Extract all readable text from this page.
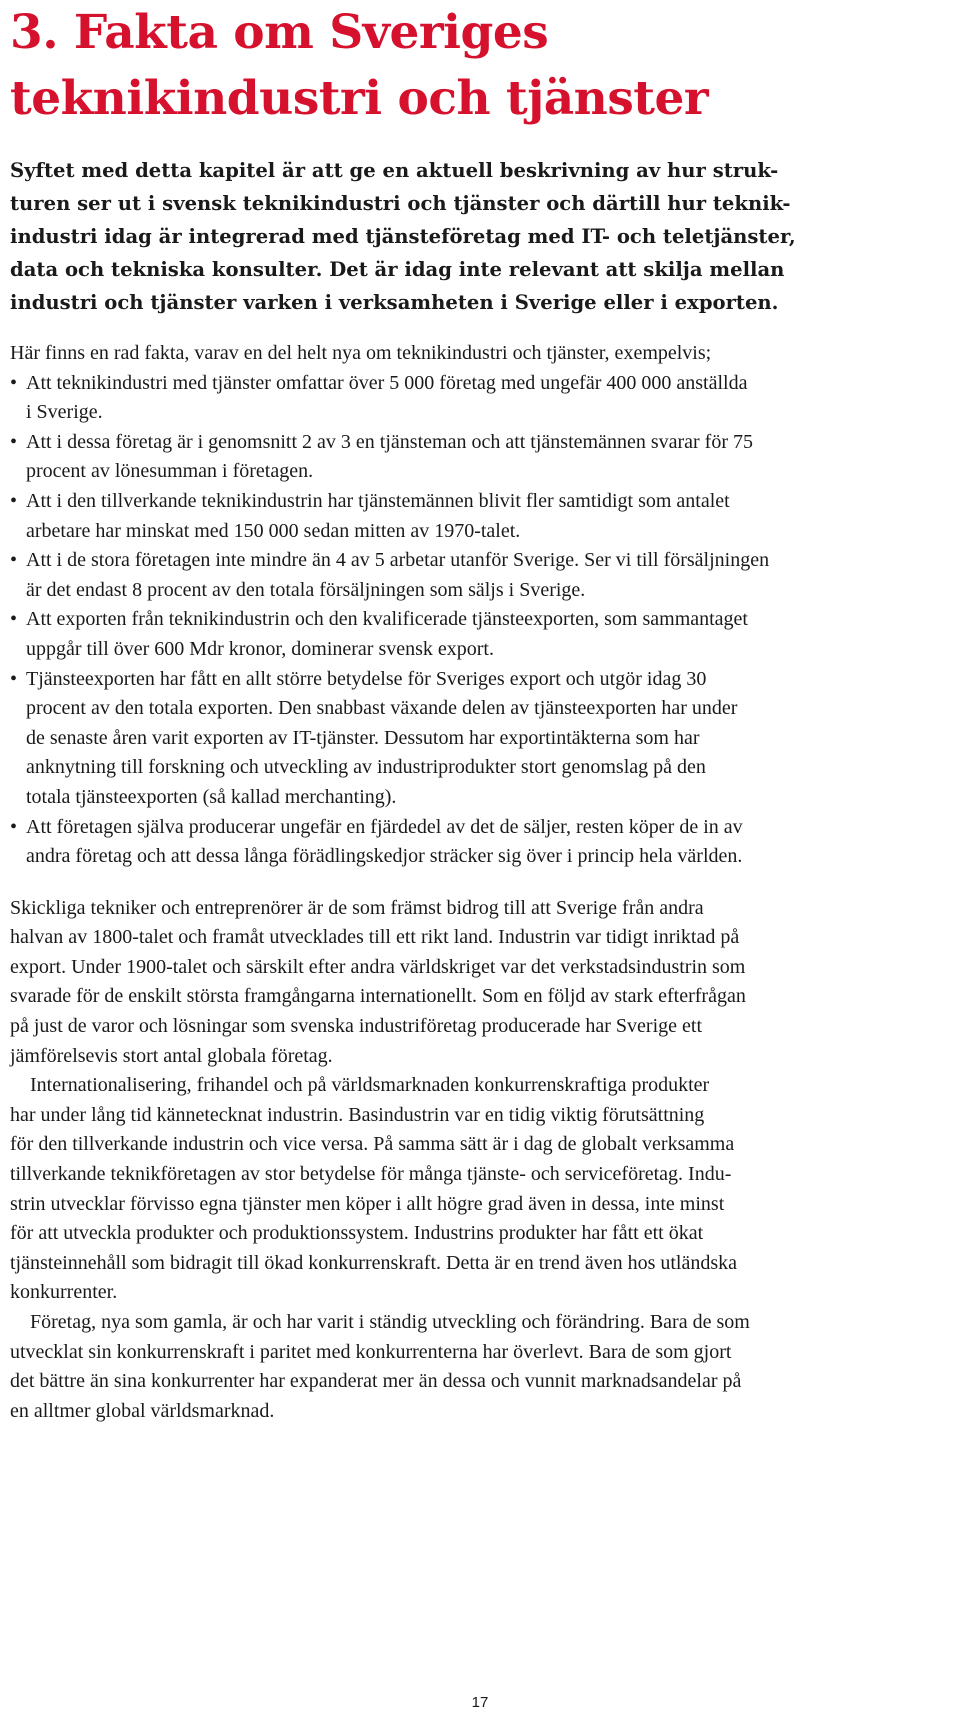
3. Fakta om Sveriges
teknikindustri och tjänster
Syftet med detta kapitel är att ge en aktuell beskrivning av hur struk-
turen ser ut i svensk teknikindustri och tjänster och därtill hur teknik-
industri idag är integrerad med tjänsteföretag med IT- och teletjänster,
data och tekniska konsulter. Det är idag inte relevant att skilja mellan
industri och tjänster varken i verksamheten i Sverige eller i exporten.
Här finns en rad fakta, varav en del helt nya om teknikindustri och tjänster, exempelvis;
• Att teknikindustri med tjänster omfattar över 5 000 företag med ungefär 400 000 anställda
i Sverige.
• Att i dessa företag är i genomsnitt 2 av 3 en tjänsteman och att tjänstemännen svarar för 75
procent av lönesumman i företagen.
• Att i den tillverkande teknikindustrin har tjänstemännen blivit fler samtidigt som antalet
arbetare har minskat med 150 000 sedan mitten av 1970-talet.
• Att i de stora företagen inte mindre än 4 av 5 arbetar utanför Sverige. Ser vi till försäljningen
är det endast 8 procent av den totala försäljningen som säljs i Sverige.
• Att exporten från teknikindustrin och den kvalificerade tjänsteexporten, som sammantaget
uppgår till över 600 Mdr kronor, dominerar svensk export.
• Tjänsteexporten har fått en allt större betydelse för Sveriges export och utgör idag 30
procent av den totala exporten. Den snabbast växande delen av tjänsteexporten har under
de senaste åren varit exporten av IT-tjänster. Dessutom har exportintäkterna som har
anknytning till forskning och utveckling av industriprodukter stort genomslag på den
totala tjänsteexporten (så kallad merchanting).
• Att företagen själva producerar ungefär en fjärdedel av det de säljer, resten köper de in av
andra företag och att dessa långa förädlingskedjor sträcker sig över i princip hela världen.
Skickliga tekniker och entreprenörer är de som främst bidrog till att Sverige från andra
halvan av 1800-talet och framåt utvecklades till ett rikt land. Industrin var tidigt inriktad på
export. Under 1900-talet och särskilt efter andra världskriget var det verkstadsindustrin som
svarade för de enskilt största framgångarna internationellt. Som en följd av stark efterfrågan
på just de varor och lösningar som svenska industriföretag producerade har Sverige ett
jämförelsevis stort antal globala företag.
Internationalisering, frihandel och på världsmarknaden konkurrenskraftiga produkter
har under lång tid kännetecknat industrin. Basindustrin var en tidig viktig förutsättning
för den tillverkande industrin och vice versa. På samma sätt är i dag de globalt verksamma
tillverkande teknikföretagen av stor betydelse för många tjänste- och serviceföretag. Indu-
strin utvecklar förvisso egna tjänster men köper i allt högre grad även in dessa, inte minst
för att utveckla produkter och produktionssystem. Industrins produkter har fått ett ökat
tjänsteinnehåll som bidragit till ökad konkurrenskraft. Detta är en trend även hos utländska
konkurrenter.
Företag, nya som gamla, är och har varit i ständig utveckling och förändring. Bara de som
utvecklat sin konkurrenskraft i paritet med konkurrenterna har överlevt. Bara de som gjort
det bättre än sina konkurrenter har expanderat mer än dessa och vunnit marknadsandelar på
en alltmer global världsmarknad.
17
